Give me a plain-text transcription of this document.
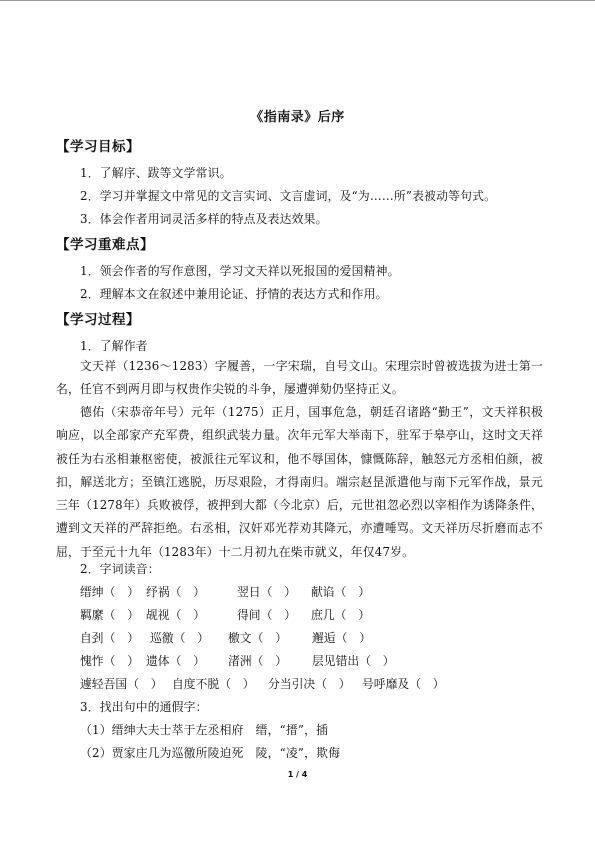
《指南录》后序
【学习目标】
1．了解序、跋等文学常识。
2．学习并掌握文中常见的文言实词、文言虚词，及“为……所”表被动等句式。
3．体会作者用词灵活多样的特点及表达效果。
【学习重难点】
1．领会作者的写作意图，学习文天祥以死报国的爱国精神。
2．理解本文在叙述中兼用论证、抒情的表达方式和作用。
【学习过程】
1．了解作者
文天祥（1236～1283）字履善，一字宋瑞，自号文山。宋理宗时曾被选拔为进士第一名，任官不到两月即与权贵作尖锐的斗争，屡遭弹劾仍坚持正义。
德佑（宋恭帝年号）元年（1275）正月，国事危急，朝廷召诸路“勤王”，文天祥积极响应，以全部家产充军费，组织武装力量。次年元军大举南下，驻军于皋亭山，这时文天祥被任为右丞相兼枢密使，被派往元军议和，他不辱国体，慷慨陈辞，触怒元方丞相伯颜，被扣，解送北方；至镇江逃脱，历尽艰险，才得南归。端宗赵昰派遣他与南下元军作战，景元三年（1278年）兵败被俘，被押到大都（今北京）后，元世祖忽必烈以宰相作为诱降条件，遭到文天祥的严辞拒绝。右丞相，汉奸邓光荐劝其降元，亦遭唾骂。文天祥历尽折磨而志不屈，于至元十九年（1283年）十二月初九在柴市就义，年仅47岁。
2．字词读音：
缙绅（　） 纾祸（　）	翌日（　） 献谄（　）
羁縻（　） 觇视（　）	得间（　） 庶几（　）
自刭（　） 巡徼（　） 檄文（　） 邂逅（　）
愧怍（　） 遗体（　） 渚洲（　） 层见错出（　）
遽轻吾国（　） 自度不脱（　） 分当引决（　） 号呼靡及（　）
3．找出句中的通假字：
（1）缙绅大夫士萃于左丞相府　缙，“搢”，插
（2）贾家庄几为巡徼所陵迫死　陵，“凌”，欺侮
1 / 4
